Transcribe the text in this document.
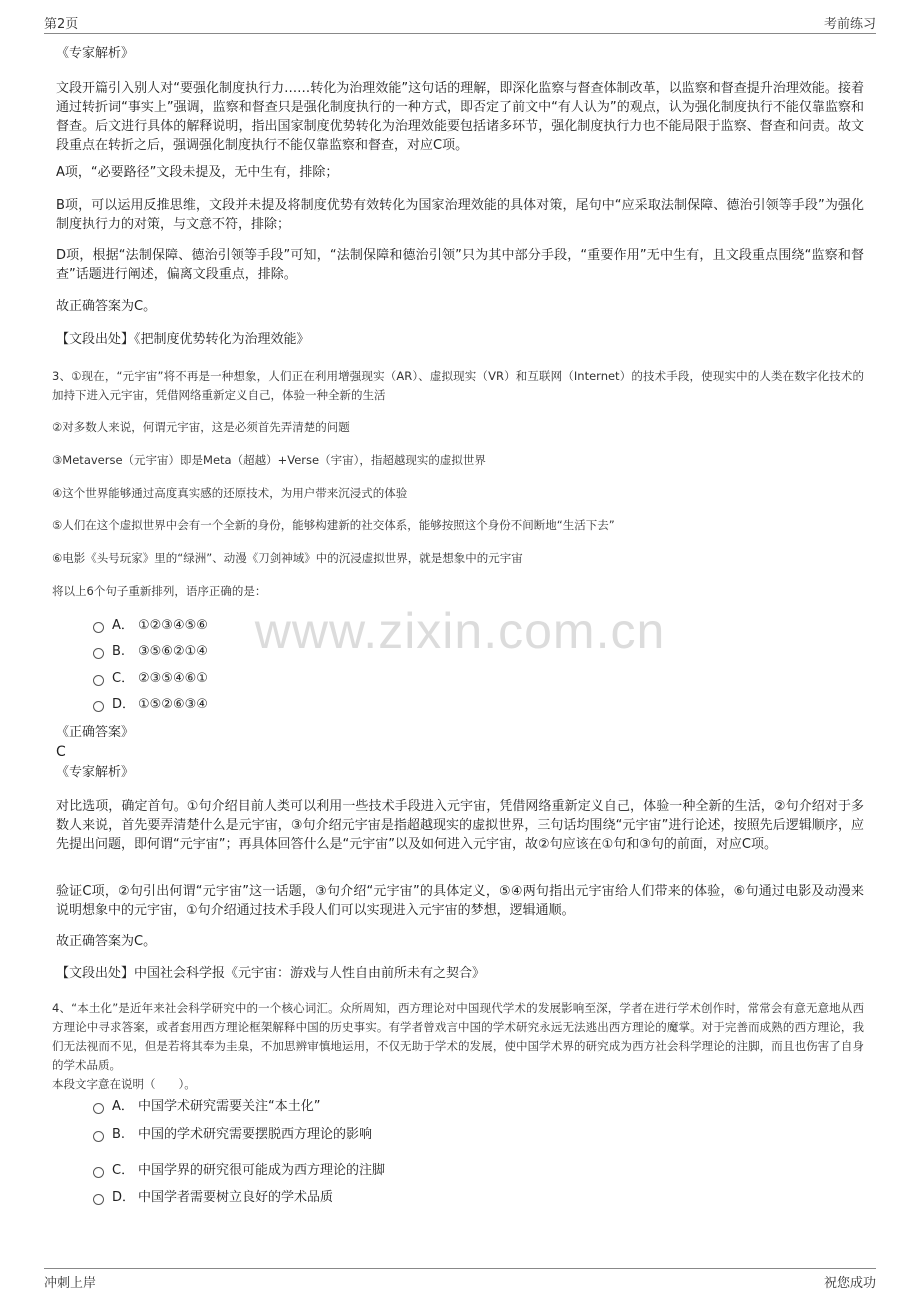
第2页	考前练习

《专家解析》

文段开篇引入别人对“要强化制度执行力……转化为治理效能”这句话的理解，即深化监察与督查体制改革，以监察和督查提升治理效能。接着通过转折词“事实上”强调，监察和督查只是强化制度执行的一种方式，即否定了前文中“有人认为”的观点，认为强化制度执行不能仅靠监察和督查。后文进行具体的解释说明，指出国家制度优势转化为治理效能要包括诸多环节，强化制度执行力也不能局限于监察、督查和问责。故文段重点在转折之后，强调强化制度执行不能仅靠监察和督查，对应C项。

A项，“必要路径”文段未提及，无中生有，排除；

B项，可以运用反推思维，文段并未提及将制度优势有效转化为国家治理效能的具体对策，尾句中“应采取法制保障、德治引领等手段”为强化制度执行力的对策，与文意不符，排除；

D项，根据“法制保障、德治引领等手段”可知，“法制保障和德治引领”只为其中部分手段，“重要作用”无中生有，且文段重点围绕“监察和督查”话题进行阐述，偏离文段重点，排除。

故正确答案为C。

【文段出处】《把制度优势转化为治理效能》

3、①现在，“元宇宙”将不再是一种想象，人们正在利用增强现实（AR）、虚拟现实（VR）和互联网（Internet）的技术手段，使现实中的人类在数字化技术的加持下进入元宇宙，凭借网络重新定义自己，体验一种全新的生活

②对多数人来说，何谓元宇宙，这是必须首先弄清楚的问题

③Metaverse（元宇宙）即是Meta（超越）+Verse（宇宙），指超越现实的虚拟世界

④这个世界能够通过高度真实感的还原技术，为用户带来沉浸式的体验

⑤人们在这个虚拟世界中会有一个全新的身份，能够构建新的社交体系，能够按照这个身份不间断地“生活下去”

⑥电影《头号玩家》里的“绿洲”、动漫《刀剑神域》中的沉浸虚拟世界，就是想象中的元宇宙

将以上6个句子重新排列，语序正确的是：

www.zixin.com.cn
A． ①②③④⑤⑥
B. ③⑤⑥②①④
C． ②③⑤④⑥①
D． ①⑤②⑥③④

《正确答案》

C

《专家解析》

对比选项，确定首句。①句介绍目前人类可以利用一些技术手段进入元宇宙，凭借网络重新定义自己，体验一种全新的生活，②句介绍对于多数人来说，首先要弄清楚什么是元宇宙，③句介绍元宇宙是指超越现实的虚拟世界，三句话均围绕“元宇宙”进行论述，按照先后逻辑顺序，应先提出问题，即何谓“元宇宙”；再具体回答什么是“元宇宙”以及如何进入元宇宙，故②句应该在①句和③句的前面，对应C项。

验证C项，②句引出何谓“元宇宙”这一话题，③句介绍“元宇宙”的具体定义，⑤④两句指出元宇宙给人们带来的体验，⑥句通过电影及动漫来说明想象中的元宇宙，①句介绍通过技术手段人们可以实现进入元宇宙的梦想，逻辑通顺。

故正确答案为C。

【文段出处】中国社会科学报《元宇宙：游戏与人性自由前所未有之契合》

4、“本土化”是近年来社会科学研究中的一个核心词汇。众所周知，西方理论对中国现代学术的发展影响至深，学者在进行学术创作时，常常会有意无意地从西方理论中寻求答案，或者套用西方理论框架解释中国的历史事实。有学者曾戏言中国的学术研究永远无法逃出西方理论的魔掌。对于完善而成熟的西方理论，我们无法视而不见，但是若将其奉为圭臬，不加思辨审慎地运用，不仅无助于学术的发展，使中国学术界的研究成为西方社会科学理论的注脚，而且也伤害了自身的学术品质。

本段文字意在说明（　　）。

A． 中国学术研究需要关注“本土化”
B. 中国的学术研究需要摆脱西方理论的影响
C． 中国学界的研究很可能成为西方理论的注脚
D． 中国学者需要树立良好的学术品质
冲刺上岸	祝您成功
